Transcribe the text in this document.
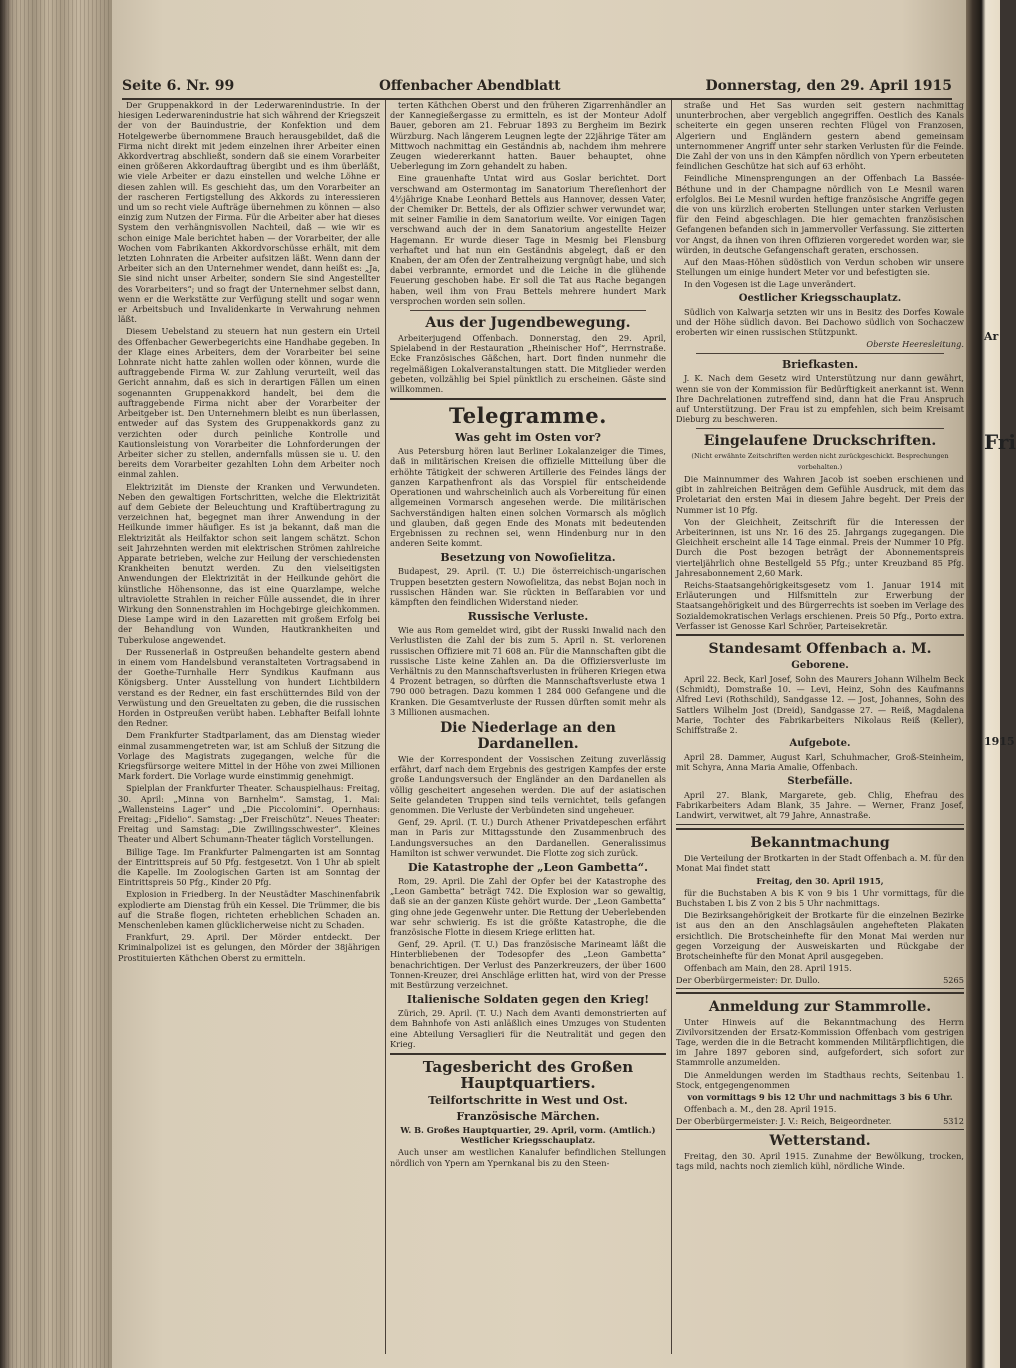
Fri
Ar
1915
Seite 6. Nr. 99	Offenbacher Abendblatt	Donnerstag, den 29. April 1915

Der Gruppenakkord in der Lederwarenindustrie. In der hiesigen Lederwarenindustrie hat sich während der Kriegszeit der von der Bauindustrie, der Konfektion und dem Hotelgewerbe übernommene Brauch herausgebildet, daß die Firma nicht direkt mit jedem einzelnen ihrer Arbeiter einen Akkordvertrag abschließt, sondern daß sie einem Vorarbeiter einen größeren Akkordauftrag übergibt und es ihm überläßt, wie viele Arbeiter er dazu einstellen und welche Löhne er diesen zahlen will. Es geschieht das, um den Vorarbeiter an der rascheren Fertigstellung des Akkords zu interessieren und um so recht viele Aufträge übernehmen zu können — also einzig zum Nutzen der Firma. Für die Arbeiter aber hat dieses System den verhängnisvollen Nachteil, daß — wie wir es schon einige Male berichtet haben — der Vorarbeiter, der alle Wochen vom Fabrikanten Akkordvorschüsse erhält, mit dem letzten Lohnraten die Arbeiter aufsitzen läßt. Wenn dann der Arbeiter sich an den Unternehmer wendet, dann heißt es: „Ja, Sie sind nicht unser Arbeiter, sondern Sie sind Angestellter des Vorarbeiters“; und so fragt der Unternehmer selbst dann, wenn er die Werkstätte zur Verfügung stellt und sogar wenn er Arbeitsbuch und Invalidenkarte in Verwahrung nehmen läßt.

Diesem Uebelstand zu steuern hat nun gestern ein Urteil des Offenbacher Gewerbegerichts eine Handhabe gegeben. In der Klage eines Arbeiters, dem der Vorarbeiter bei seine Lohnrate nicht hatte zahlen wollen oder können, wurde die auftraggebende Firma W. zur Zahlung verurteilt, weil das Gericht annahm, daß es sich in derartigen Fällen um einen sogenannten Gruppenakkord handelt, bei dem die auftraggebende Firma nicht aber der Vorarbeiter der Arbeitgeber ist. Den Unternehmern bleibt es nun überlassen, entweder auf das System des Gruppenakkords ganz zu verzichten oder durch peinliche Kontrolle und Kautionsleistung von Vorarbeiter die Lohnforderungen der Arbeiter sicher zu stellen, andernfalls müssen sie u. U. den bereits dem Vorarbeiter gezahlten Lohn dem Arbeiter noch einmal zahlen.

Elektrizität im Dienste der Kranken und Verwundeten. Neben den gewaltigen Fortschritten, welche die Elektrizität auf dem Gebiete der Beleuchtung und Kraftübertragung zu verzeichnen hat, begegnet man ihrer Anwendung in der Heilkunde immer häufiger. Es ist ja bekannt, daß man die Elektrizität als Heilfaktor schon seit langem schätzt. Schon seit Jahrzehnten werden mit elektrischen Strömen zahlreiche Apparate betrieben, welche zur Heilung der verschiedensten Krankheiten benutzt werden. Zu den vielseitigsten Anwendungen der Elektrizität in der Heilkunde gehört die künstliche Höhensonne, das ist eine Quarzlampe, welche ultraviolette Strahlen in reicher Fülle aussendet, die in ihrer Wirkung den Sonnenstrahlen im Hochgebirge gleichkommen. Diese Lampe wird in den Lazaretten mit großem Erfolg bei der Behandlung von Wunden, Hautkrankheiten und Tuberkulose angewendet.

Der Russenerlaß in Ostpreußen behandelte gestern abend in einem vom Handelsbund veranstalteten Vortragsabend in der Goethe-Turnhalle Herr Syndikus Kaufmann aus Königsberg. Unter Ausstellung von hundert Lichtbildern verstand es der Redner, ein fast erschütterndes Bild von der Verwüstung und den Greueltaten zu geben, die die russischen Horden in Ostpreußen verübt haben. Lebhafter Beifall lohnte den Redner.

Dem Frankfurter Stadtparlament, das am Dienstag wieder einmal zusammengetreten war, ist am Schluß der Sitzung die Vorlage des Magistrats zugegangen, welche für die Kriegsfürsorge weitere Mittel in der Höhe von zwei Millionen Mark fordert. Die Vorlage wurde einstimmig genehmigt.

Spielplan der Frankfurter Theater. Schauspielhaus: Freitag, 30. April: „Minna von Barnhelm“. Samstag, 1. Mai: „Wallensteins Lager“ und „Die Piccolomini“. Opernhaus: Freitag: „Fidelio“. Samstag: „Der Freischütz“. Neues Theater: Freitag und Samstag: „Die Zwillingsschwester“. Kleines Theater und Albert Schumann-Theater täglich Vorstellungen.

Billige Tage. Im Frankfurter Palmengarten ist am Sonntag der Eintrittspreis auf 50 Pfg. festgesetzt. Von 1 Uhr ab spielt die Kapelle. Im Zoologischen Garten ist am Sonntag der Eintrittspreis 50 Pfg., Kinder 20 Pfg.

Explosion in Friedberg. In der Neustädter Maschinenfabrik explodierte am Dienstag früh ein Kessel. Die Trümmer, die bis auf die Straße flogen, richteten erheblichen Schaden an. Menschenleben kamen glücklicherweise nicht zu Schaden.

Frankfurt, 29. April. Der Mörder entdeckt. Der Kriminalpolizei ist es gelungen, den Mörder der 38jährigen Prostituierten Käthchen Oberst zu ermitteln.

terten Käthchen Oberst und den früheren Zigarrenhändler an der Kannegießergasse zu ermitteln, es ist der Monteur Adolf Bauer, geboren am 21. Februar 1893 zu Bergheim im Bezirk Würzburg. Nach längerem Leugnen legte der 22jährige Täter am Mittwoch nachmittag ein Geständnis ab, nachdem ihm mehrere Zeugen wiedererkannt hatten. Bauer behauptet, ohne Ueberlegung im Zorn gehandelt zu haben.

Eine grauenhafte Untat wird aus Goslar berichtet. Dort verschwand am Ostermontag im Sanatorium Thereſienhort der 4½jährige Knabe Leonhard Bettels aus Hannover, dessen Vater, der Chemiker Dr. Bettels, der als Offizier schwer verwundet war, mit seiner Familie in dem Sanatorium weilte. Vor einigen Tagen verschwand auch der in dem Sanatorium angestellte Heizer Hagemann. Er wurde dieser Tage in Mesmig bei Flensburg verhaftet und hat nun ein Geständnis abgelegt, daß er den Knaben, der am Ofen der Zentralheizung vergnügt habe, und sich dabei verbrannte, ermordet und die Leiche in die glühende Feuerung geschoben habe. Er soll die Tat aus Rache begangen haben, weil ihm von Frau Bettels mehrere hundert Mark versprochen worden sein sollen.

Aus der Jugendbewegung.

Arbeiterjugend Offenbach. Donnerstag, den 29. April, Spielabend in der Restauration „Rheinischer Hof“, Herrnstraße. Ecke Französisches Gäßchen, hart. Dort finden nunmehr die regelmäßigen Lokalveranstaltungen statt. Die Mitglieder werden gebeten, vollzählig bei Spiel pünktlich zu erscheinen. Gäste sind willkommen.

Telegramme.
Was geht im Osten vor?

Aus Petersburg hören laut Berliner Lokalanzeiger die Times, daß in militärischen Kreisen die offizielle Mitteilung über die erhöhte Tätigkeit der schweren Artillerie des Feindes längs der ganzen Karpathenfront als das Vorspiel für entscheidende Operationen und wahrscheinlich auch als Vorbereitung für einen allgemeinen Vormarsch angesehen werde. Die militärischen Sachverständigen halten einen solchen Vormarsch als möglich und glauben, daß gegen Ende des Monats mit bedeutenden Ergebnissen zu rechnen sei, wenn Hindenburg nur in den anderen Seite kommt.

Besetzung von Nowoſielitza.

Budapest, 29. April. (T. U.) Die österreichisch-ungarischen Truppen besetzten gestern Nowoſielitza, das nebst Bojan noch in russischen Händen war. Sie rückten in Beſſarabien vor und kämpften den feindlichen Widerstand nieder.

Russische Verluste.

Wie aus Rom gemeldet wird, gibt der Russki Inwalid nach den Verlustlisten die Zahl der bis zum 5. April n. St. verlorenen russischen Offiziere mit 71 608 an. Für die Mannschaften gibt die russische Liste keine Zahlen an. Da die Offiziersverluste im Verhältnis zu den Mannschaftsverlusten in früheren Kriegen etwa 4 Prozent betragen, so dürften die Mannschaftsverluste etwa 1 790 000 betragen. Dazu kommen 1 284 000 Gefangene und die Kranken. Die Gesamtverluste der Russen dürften somit mehr als 3 Millionen ausmachen.

Die Niederlage an den Dardanellen.

Wie der Korrespondent der Vossischen Zeitung zuverlässig erfährt, darf nach dem Ergebnis des gestrigen Kampfes der erste große Landungsversuch der Engländer an den Dardanellen als völlig gescheitert angesehen werden. Die auf der asiatischen Seite gelandeten Truppen sind teils vernichtet, teils gefangen genommen. Die Verluste der Verbündeten sind ungeheuer.

Genf, 29. April. (T. U.) Durch Athener Privatdepeschen erfährt man in Paris zur Mittagsstunde den Zusammenbruch des Landungsversuches an den Dardanellen. Generalissimus Hamilton ist schwer verwundet. Die Flotte zog sich zurück.

Die Katastrophe der „Leon Gambetta“.

Rom, 29. April. Die Zahl der Opfer bei der Katastrophe des „Leon Gambetta“ beträgt 742. Die Explosion war so gewaltig, daß sie an der ganzen Küste gehört wurde. Der „Leon Gambetta“ ging ohne jede Gegenwehr unter. Die Rettung der Ueberlebenden war sehr schwierig. Es ist die größte Katastrophe, die die französische Flotte in diesem Kriege erlitten hat.

Genf, 29. April. (T. U.) Das französische Marineamt läßt die Hinterbliebenen der Todesopfer des „Leon Gambetta“ benachrichtigen. Der Verlust des Panzerkreuzers, der über 1600 Tonnen-Kreuzer, drei Anschläge erlitten hat, wird von der Presse mit Bestürzung verzeichnet.

Italienische Soldaten gegen den Krieg!

Zürich, 29. April. (T. U.) Nach dem Avanti demonstrierten auf dem Bahnhofe von Asti anläßlich eines Umzuges von Studenten eine Abteilung Versaglieri für die Neutralität und gegen den Krieg.

Tagesbericht des Großen Hauptquartiers.
Teilfortschritte in West und Ost.
Französische Märchen.

W. B. Großes Hauptquartier, 29. April, vorm. (Amtlich.) Westlicher Kriegsschauplatz.

Auch unser am westlichen Kanalufer befindlichen Stellungen nördlich von Ypern am Ypernkanal bis zu den Steen-

straße und Het Sas wurden seit gestern nachmittag ununterbrochen, aber vergeblich angegriffen. Oestlich des Kanals scheiterte ein gegen unseren rechten Flügel von Franzosen, Algeriern und Engländern gestern abend gemeinsam unternommener Angriff unter sehr starken Verlusten für die Feinde. Die Zahl der von uns in den Kämpfen nördlich von Ypern erbeuteten feindlichen Geschütze hat sich auf 63 erhöht.

Feindliche Minensprengungen an der Offenbach La Bassée-Béthune und in der Champagne nördlich von Le Mesnil waren erfolglos. Bei Le Mesnil wurden heftige französische Angriffe gegen die von uns kürzlich eroberten Stellungen unter starken Verlusten für den Feind abgeschlagen. Die hier gemachten französischen Gefangenen befanden sich in jammervoller Verfassung. Sie zitterten vor Angst, da ihnen von ihren Offizieren vorgeredet worden war, sie würden, in deutsche Gefangenschaft geraten, erschossen.

Auf den Maas-Höhen südöstlich von Verdun schoben wir unsere Stellungen um einige hundert Meter vor und befestigten sie.

In den Vogesen ist die Lage unverändert.

Oestlicher Kriegsschauplatz.

Südlich von Kalwarja setzten wir uns in Besitz des Dorfes Kowale und der Höhe südlich davon. Bei Dachowo südlich von Sochaczew eroberten wir einen russischen Stützpunkt.

Oberste Heeresleitung.

Briefkasten.

J. K. Nach dem Gesetz wird Unterstützung nur dann gewährt, wenn sie von der Kommission für Bedürftigkeit anerkannt ist. Wenn Ihre Dachrelationen zutreffend sind, dann hat die Frau Anspruch auf Unterstützung. Der Frau ist zu empfehlen, sich beim Kreisamt Dieburg zu beschweren.

Eingelaufene Druckschriften.

(Nicht erwähnte Zeitschriften werden nicht zurückgeschickt. Besprechungen vorbehalten.)

Die Mainnummer des Wahren Jacob ist soeben erschienen und gibt in zahlreichen Beiträgen dem Gefühle Ausdruck, mit dem das Proletariat den ersten Mai in diesem Jahre begeht. Der Preis der Nummer ist 10 Pfg.

Von der Gleichheit, Zeitschrift für die Interessen der Arbeiterinnen, ist uns Nr. 16 des 25. Jahrgangs zugegangen. Die Gleichheit erscheint alle 14 Tage einmal. Preis der Nummer 10 Pfg. Durch die Post bezogen beträgt der Abonnementspreis vierteljährlich ohne Bestellgeld 55 Pfg.; unter Kreuzband 85 Pfg. Jahresabonnement 2,60 Mark.

Reichs-Staatsangehörigkeitsgesetz vom 1. Januar 1914 mit Erläuterungen und Hilfsmitteln zur Erwerbung der Staatsangehörigkeit und des Bürgerrechts ist soeben im Verlage des Sozialdemokratischen Verlags erschienen. Preis 50 Pfg., Porto extra. Verfasser ist Genosse Karl Schröer, Parteisekretär.

Standesamt Offenbach a. M.
Geborene.

April 22. Beck, Karl Josef, Sohn des Maurers Johann Wilhelm Beck (Schmidt), Domstraße 10. — Levi, Heinz, Sohn des Kaufmanns Alfred Levi (Rothschild), Sandgasse 12. — Jost, Johannes, Sohn des Sattlers Wilhelm Jost (Dreid), Sandgasse 27. — Reiß, Magdalena Marie, Tochter des Fabrikarbeiters Nikolaus Reiß (Keller), Schiffstraße 2.

Aufgebote.

April 28. Dammer, August Karl, Schuhmacher, Groß-Steinheim, mit Schyra, Anna Maria Amalie, Offenbach.

Sterbefälle.

April 27. Blank, Margarete, geb. Chlig, Ehefrau des Fabrikarbeiters Adam Blank, 35 Jahre. — Werner, Franz Josef, Landwirt, verwitwet, alt 79 Jahre, Annastraße.

Bekanntmachung

Die Verteilung der Brotkarten in der Stadt Offenbach a. M. für den Monat Mai findet statt

Freitag, den 30. April 1915,

für die Buchstaben A bis K von 9 bis 1 Uhr vormittags, für die Buchstaben L bis Z von 2 bis 5 Uhr nachmittags.

Die Bezirksangehörigkeit der Brotkarte für die einzelnen Bezirke ist aus den an den Anschlagsäulen angehefteten Plakaten ersichtlich. Die Brotscheinhefte für den Monat Mai werden nur gegen Vorzeigung der Ausweiskarten und Rückgabe der Brotscheinhefte für den Monat April ausgegeben.

Offenbach am Main, den 28. April 1915.

Der Oberbürgermeister: Dr. Dullo.	5265
Anmeldung zur Stammrolle.

Unter Hinweis auf die Bekanntmachung des Herrn Zivilvorsitzenden der Ersatz-Kommission Offenbach vom gestrigen Tage, werden die in die Betracht kommenden Militärpflichtigen, die im Jahre 1897 geboren sind, aufgefordert, sich sofort zur Stammrolle anzumelden.

Die Anmeldungen werden im Stadthaus rechts, Seitenbau 1. Stock, entgegengenommen

von vormittags 9 bis 12 Uhr und nachmittags 3 bis 6 Uhr.

Offenbach a. M., den 28. April 1915.

Der Oberbürgermeister: J. V.: Reich, Beigeordneter.	5312
Wetterstand.

Freitag, den 30. April 1915. Zunahme der Bewölkung, trocken, tags mild, nachts noch ziemlich kühl, nördliche Winde.
